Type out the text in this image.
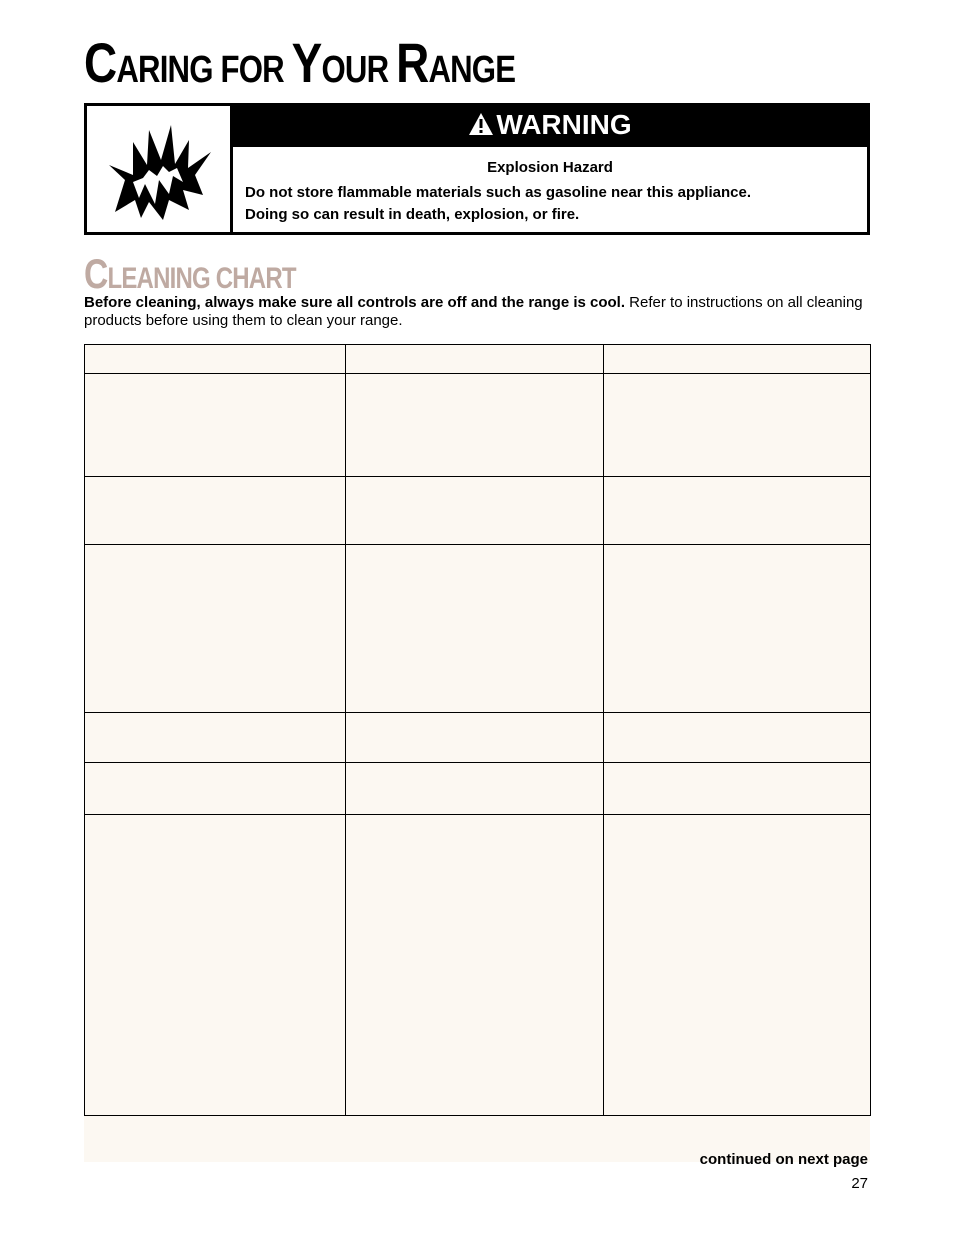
CARING FOR YOUR RANGE
WARNING
Explosion Hazard
Do not store flammable materials such as gasoline near this appliance.
Doing so can result in death, explosion, or fire.
CLEANING CHART
Before cleaning, always make sure all controls are off and the range is cool. Refer to instructions on all cleaning products before using them to clean your range.

continued on next page
27
